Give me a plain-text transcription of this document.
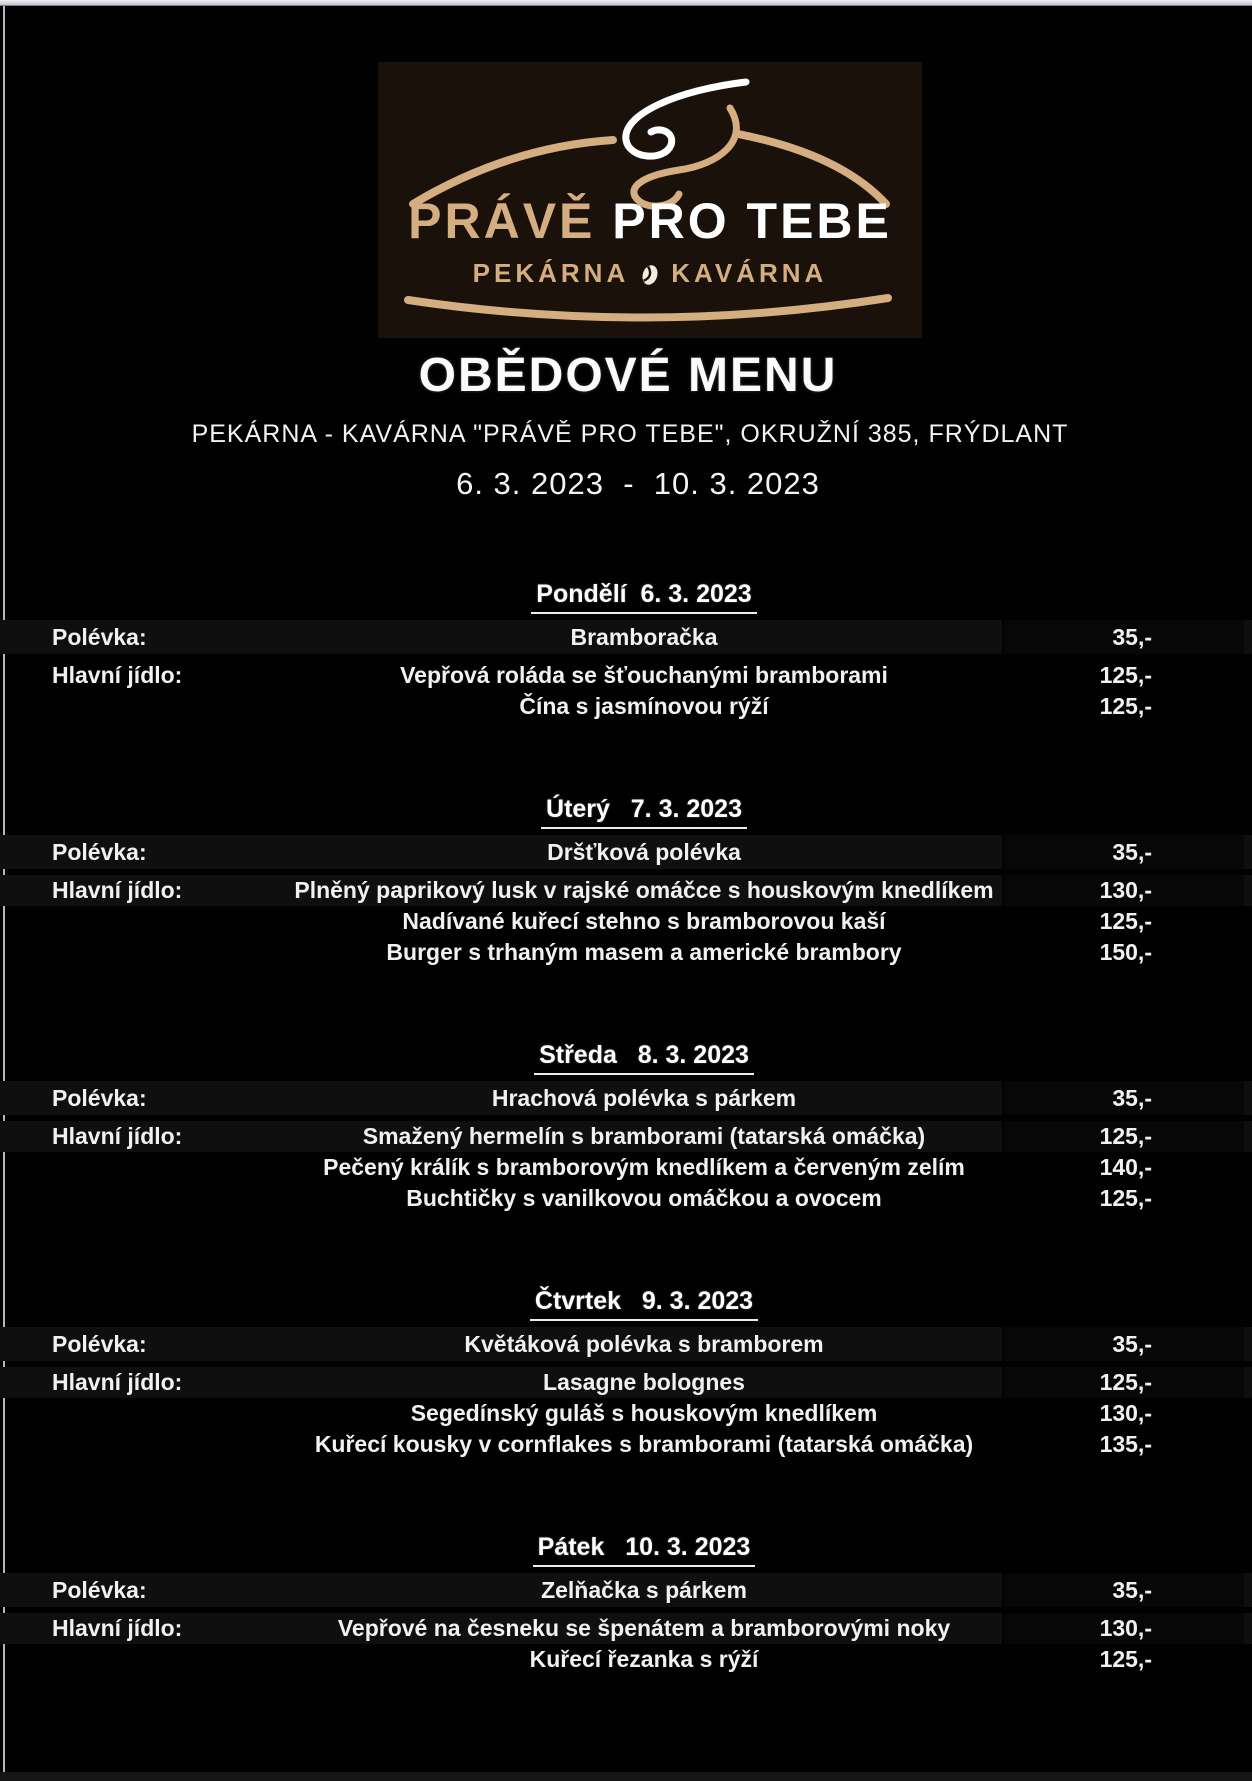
PRÁVĚ PRO TEBE
PEKÁRNA KAVÁRNA
OBĚDOVÉ MENU
PEKÁRNA - KAVÁRNA "PRÁVĚ PRO TEBE", OKRUŽNÍ 385, FRÝDLANT
6. 3. 2023  -  10. 3. 2023
Pondělí  6. 3. 2023
Polévka:	Bramboračka	35,-
Hlavní jídlo:	Vepřová roláda se šťouchanými bramborami	125,-
Čína s jasmínovou rýží	125,-
Úterý   7. 3. 2023
Polévka:	Dršťková polévka	35,-
Hlavní jídlo:	Plněný paprikový lusk v rajské omáčce s houskovým knedlíkem	130,-
Nadívané kuřecí stehno s bramborovou kaší	125,-
Burger s trhaným masem a americké brambory	150,-
Středa   8. 3. 2023
Polévka:	Hrachová polévka s párkem	35,-
Hlavní jídlo:	Smažený hermelín s bramborami (tatarská omáčka)	125,-
Pečený králík s bramborovým knedlíkem a červeným zelím	140,-
Buchtičky s vanilkovou omáčkou a ovocem	125,-
Čtvrtek   9. 3. 2023
Polévka:	Květáková polévka s bramborem	35,-
Hlavní jídlo:	Lasagne bolognes	125,-
Segedínský guláš s houskovým knedlíkem	130,-
Kuřecí kousky v cornflakes s bramborami (tatarská omáčka)	135,-
Pátek   10. 3. 2023
Polévka:	Zelňačka s párkem	35,-
Hlavní jídlo:	Vepřové na česneku se špenátem a bramborovými noky	130,-
Kuřecí řezanka s rýží	125,-
